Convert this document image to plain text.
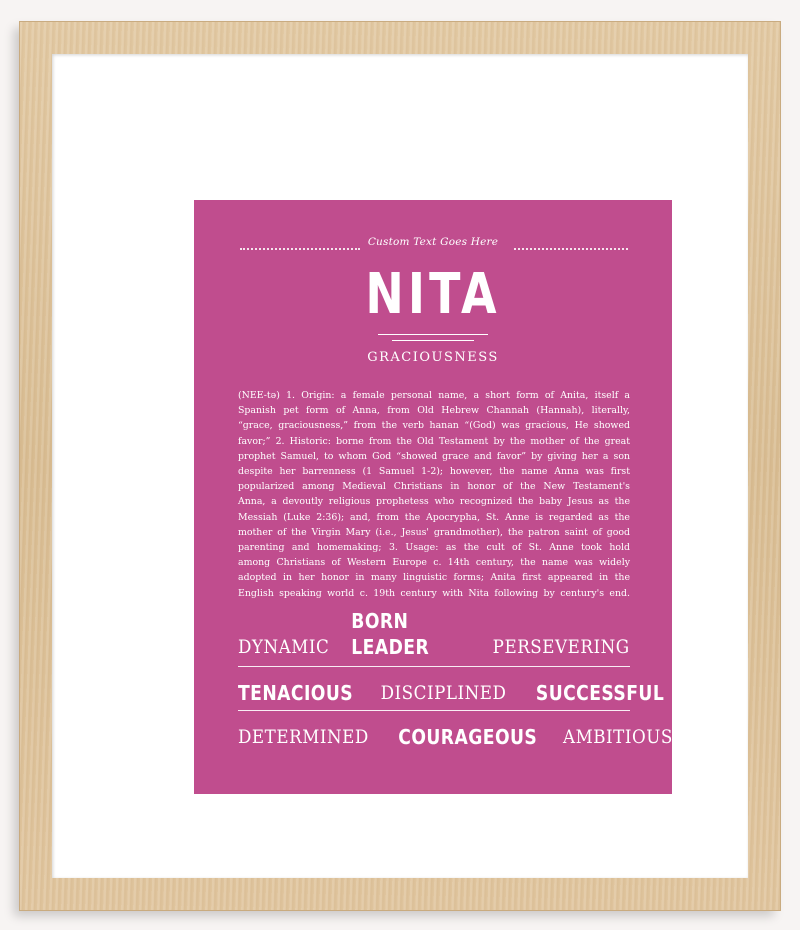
Custom Text Goes Here
NITA
GRACIOUSNESS
(NEE-tə) 1. Origin: a female personal name, a short form of Anita, itself a
Spanish pet form of Anna, from Old Hebrew Channah (Hannah), literally,
“grace, graciousness,” from the verb hanan “(God) was gracious, He showed
favor;” 2. Historic: borne from the Old Testament by the mother of the great
prophet Samuel, to whom God “showed grace and favor” by giving her a son
despite her barrenness (1 Samuel 1-2); however, the name Anna was first
popularized among Medieval Christians in honor of the New Testament's
Anna, a devoutly religious prophetess who recognized the baby Jesus as the
Messiah (Luke 2:36); and, from the Apocrypha, St. Anne is regarded as the
mother of the Virgin Mary (i.e., Jesus' grandmother), the patron saint of good
parenting and homemaking; 3. Usage: as the cult of St. Anne took hold
among Christians of Western Europe c. 14th century, the name was widely
adopted in her honor in many linguistic forms; Anita first appeared in the
English speaking world c. 19th century with Nita following by century's end.
DYNAMIC
BORN LEADER	PERSEVERING
TENACIOUS DISCIPLINED SUCCESSFUL
DETERMINED COURAGEOUS AMBITIOUS
